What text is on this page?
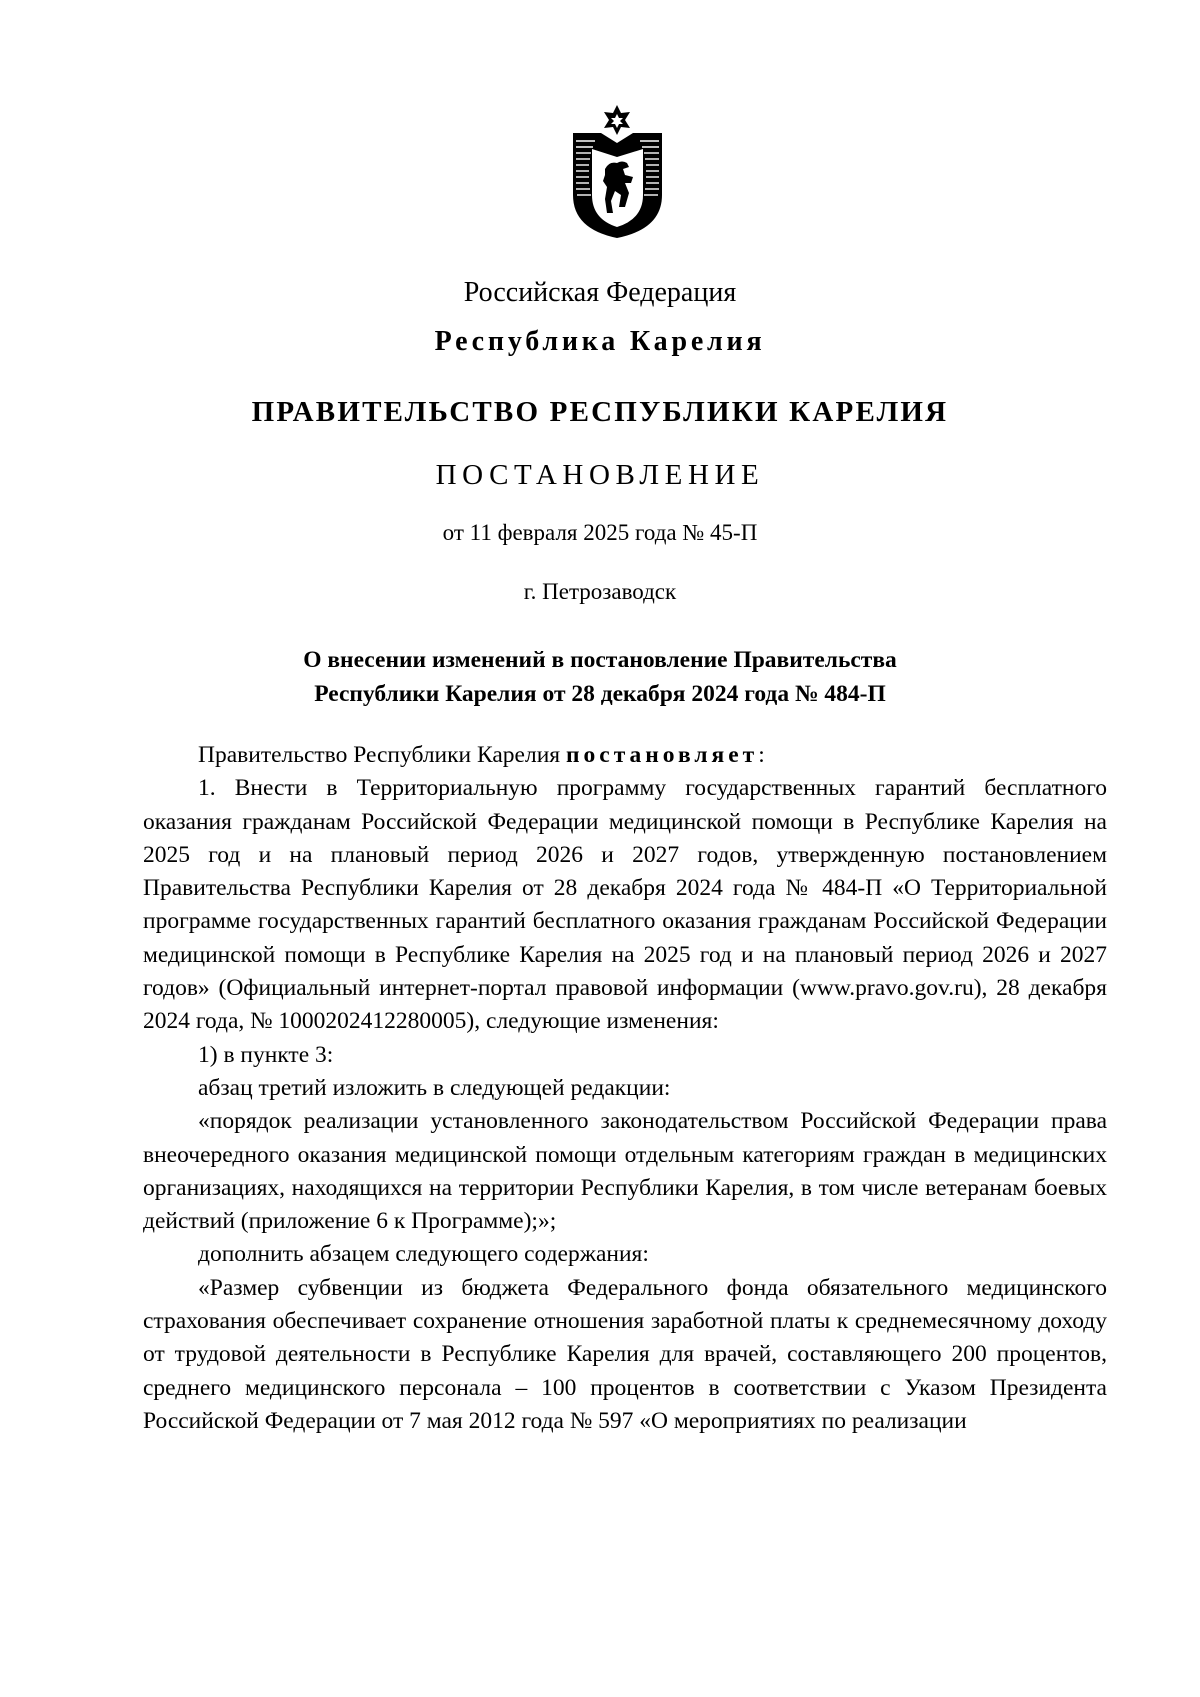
Российская Федерация
Республика Карелия
ПРАВИТЕЛЬСТВО РЕСПУБЛИКИ КАРЕЛИЯ
ПОСТАНОВЛЕНИЕ
от 11 февраля 2025 года № 45-П
г. Петрозаводск
О внесении изменений в постановление Правительства
Республики Карелия от 28 декабря 2024 года № 484-П

Правительство Республики Карелия постановляет:

1. Внести в Территориальную программу государственных гарантий бесплатного оказания гражданам Российской Федерации медицинской помощи в Республике Карелия на 2025 год и на плановый период 2026 и 2027 годов, утвержденную постановлением Правительства Республики Карелия от 28 декабря 2024 года № 484-П «О Территориальной программе государственных гарантий бесплатного оказания гражданам Российской Федерации медицинской помощи в Республике Карелия на 2025 год и на плановый период 2026 и 2027 годов» (Официальный интернет-портал правовой информации (www.pravo.gov.ru), 28 декабря 2024 года, № 1000202412280005), следующие изменения:

1) в пункте 3:

абзац третий изложить в следующей редакции:

«порядок реализации установленного законодательством Российской Федерации права внеочередного оказания медицинской помощи отдельным категориям граждан в медицинских организациях, находящихся на территории Республики Карелия, в том числе ветеранам боевых действий (приложение 6 к Программе);»;

дополнить абзацем следующего содержания:

«Размер субвенции из бюджета Федерального фонда обязательного медицинского страхования обеспечивает сохранение отношения заработной платы к среднемесячному доходу от трудовой деятельности в Республике Карелия для врачей, составляющего 200 процентов, среднего медицинского персонала – 100 процентов в соответствии с Указом Президента Российской Федерации от 7 мая 2012 года № 597 «О мероприятиях по реализации
